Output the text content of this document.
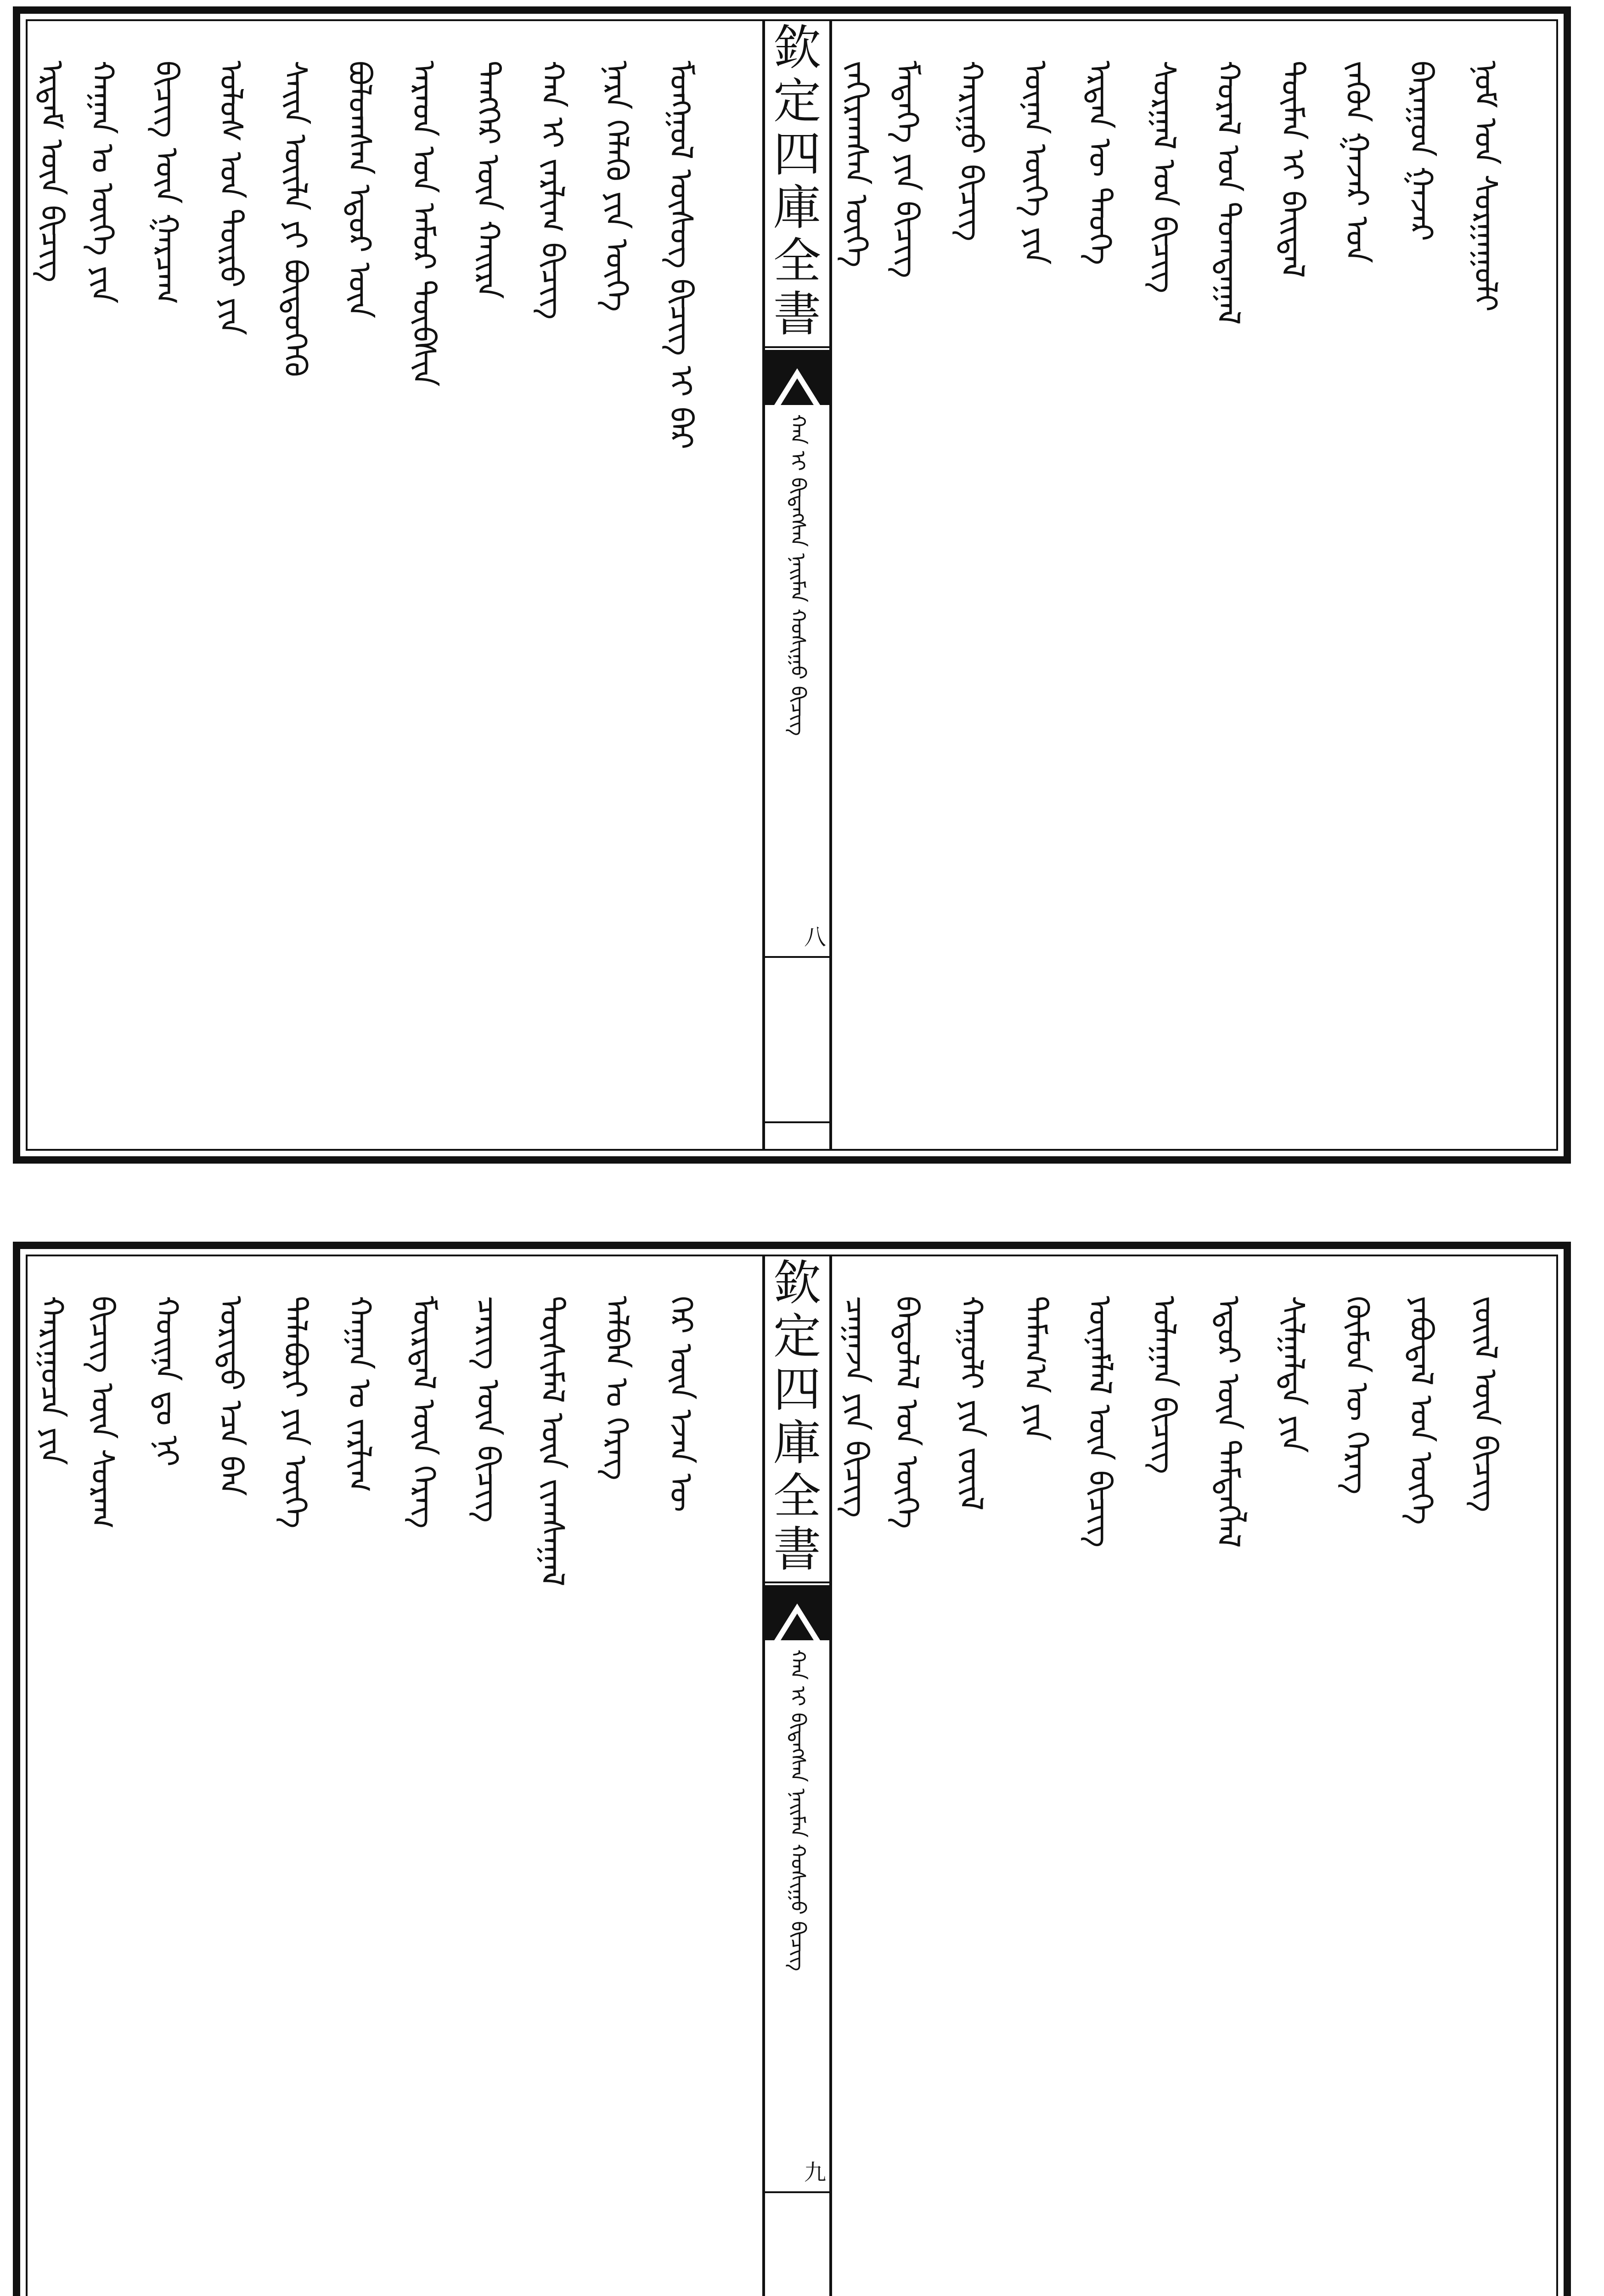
ᠮᠣᠩᠭᠣᠯ ᠦᠰᠦᠭ ᠪᠢᠴᠢᠭ ᠢ ᠪᠠᠷ
ᠨᠡᠷᠡ ᠬᠡᠯᠡᠬᠦ ᠶᠢᠨ ᠦᠭᠡ
ᠬᠠᠨ ᠢ ᠵᠠᠷᠯᠢᠭ ᠪᠢᠴᠢᠭ
ᠲᠡᠩᠭᠡᠷ ᠦᠨ ᠬᠠᠢᠷᠠ
ᠠᠷᠠᠳ ᠤᠨ ᠠᠮᠤᠷ ᠲᠦᠪᠰᠢᠨ
ᠪᠣᠯᠤᠭᠰᠠᠨ ᠡᠳᠦᠷ ᠦᠨ
ᠰᠠᠢᠨ ᠦᠢᠯᠡ ᠶᠢ ᠪᠦᠲᠦᠭᠡᠬᠦ
ᠤᠯᠤᠰ ᠤᠨ ᠲᠦᠷᠦ ᠶᠢᠨ
ᠪᠢᠴᠢᠭ ᠦᠨ ᠭᠠᠷᠴᠠᠭ
ᠬᠠᠭᠠᠨ ᠤ ᠦᠭᠡ ᠶᠢᠨ
ᠡᠷᠳᠡᠮ ᠦᠨ ᠪᠢᠴᠢᠭ
欽
定
四
庫
全
書
ᠬᠠᠨ ᠢ ᠪᠢᠳᠡᠭᠰᠡᠨ ᠨᠠᠢᠮᠠᠨ ᠬᠣᠰᠢᠭᠤ ᠪᠢᠴᠢᠭ
八
ᠨᠤᠮ ᠤᠨ ᠰᠤᠷᠭᠠᠭᠤᠯᠢ
ᠪᠠᠷᠠᠭᠤᠨ ᠭᠠᠵᠠᠷ
ᠵᠡᠭᠦᠨ ᠭᠠᠵᠠᠷ ᠤᠨ
ᠲᠦᠮᠡᠨ ᠢ ᠪᠠᠢᠳᠠᠯ
ᠬᠤᠷᠠᠯ ᠤᠨ ᠲᠣᠭᠲᠠᠭᠠᠯ
ᠰᠤᠷᠭᠠᠯ ᠤᠨ ᠪᠢᠴᠢᠭ
ᠡᠷᠲᠡᠨ ᠦ ᠲᠡᠦᠬᠡ
ᠦᠨᠡᠨ ᠦᠭᠡ ᠶᠢᠨ
ᠬᠠᠷᠢᠭᠤ ᠪᠢᠴᠢᠭ
ᠮᠡᠳᠡᠭᠡ ᠶᠢᠨ ᠪᠢᠴᠢᠭ
ᠵᠠᠬᠢᠷᠠᠭᠰᠠᠨ ᠦᠭᠡ
ᠭᠡᠷ ᠦᠨ ᠡᠵᠡᠨ ᠦ
ᠠᠯᠪᠠᠨ ᠤ ᠬᠡᠷᠡᠭ
ᠲᠦᠰᠢᠮᠡᠯ ᠦᠨ ᠵᠢᠭᠰᠠᠭᠠᠯ
ᠴᠡᠷᠢᠭ ᠦᠨ ᠪᠢᠴᠢᠭ
ᠮᠥᠷᠳᠡᠯ ᠦᠨ ᠬᠡᠷᠡᠭ
ᠬᠠᠭᠠᠨ ᠤ ᠵᠠᠷᠯᠢᠭ
ᠲᠠᠯᠠᠪᠤᠷᠢ ᠶᠢᠨ ᠦᠭᠡ
ᠤᠷᠢᠳᠤ ᠡᠴᠡ ᠪᠠᠨ
ᠬᠣᠢᠨᠠ ᠳᠤ ᠨᠢ
ᠪᠢᠴᠢᠭ ᠦᠨ ᠰᠤᠷᠠᠭ
ᠬᠠᠷᠢᠭᠤᠴᠠ ᠶᠢᠨ
欽
定
四
庫
全
書
ᠬᠠᠨ ᠢ ᠪᠢᠳᠡᠭᠰᠡᠨ ᠨᠠᠢᠮᠠᠨ ᠬᠣᠰᠢᠭᠤ ᠪᠢᠴᠢᠭ
九
ᠵᠦᠢᠯ ᠦᠨ ᠪᠢᠴᠢᠭ
ᠶᠠᠪᠤᠳᠠᠯ ᠤᠨ ᠦᠭᠡ
ᠬᠦᠮᠦᠨ ᠦ ᠬᠡᠷᠡᠭ
ᠰᠢᠯᠭᠠᠯᠲᠠ ᠶᠢᠨ
ᠡᠳᠦᠷ ᠦᠨ ᠲᠡᠮᠳᠡᠭᠯᠡᠯ
ᠤᠯᠠᠭᠠᠨ ᠪᠢᠴᠢᠭ
ᠦᠨᠡᠮᠯᠡᠯ ᠦᠨ ᠪᠢᠴᠢᠭ
ᠲᠠᠮᠠᠭ᠎ᠠ ᠶᠢᠨ
ᠬᠠᠭᠤᠯᠢ ᠶᠢᠨ ᠵᠦᠢᠯ
ᠪᠠᠲᠤᠯᠠᠯ ᠤᠨ ᠦᠭᠡ
ᠴᠠᠭᠠᠵᠠ ᠶᠢᠨ ᠪᠢᠴᠢᠭ
